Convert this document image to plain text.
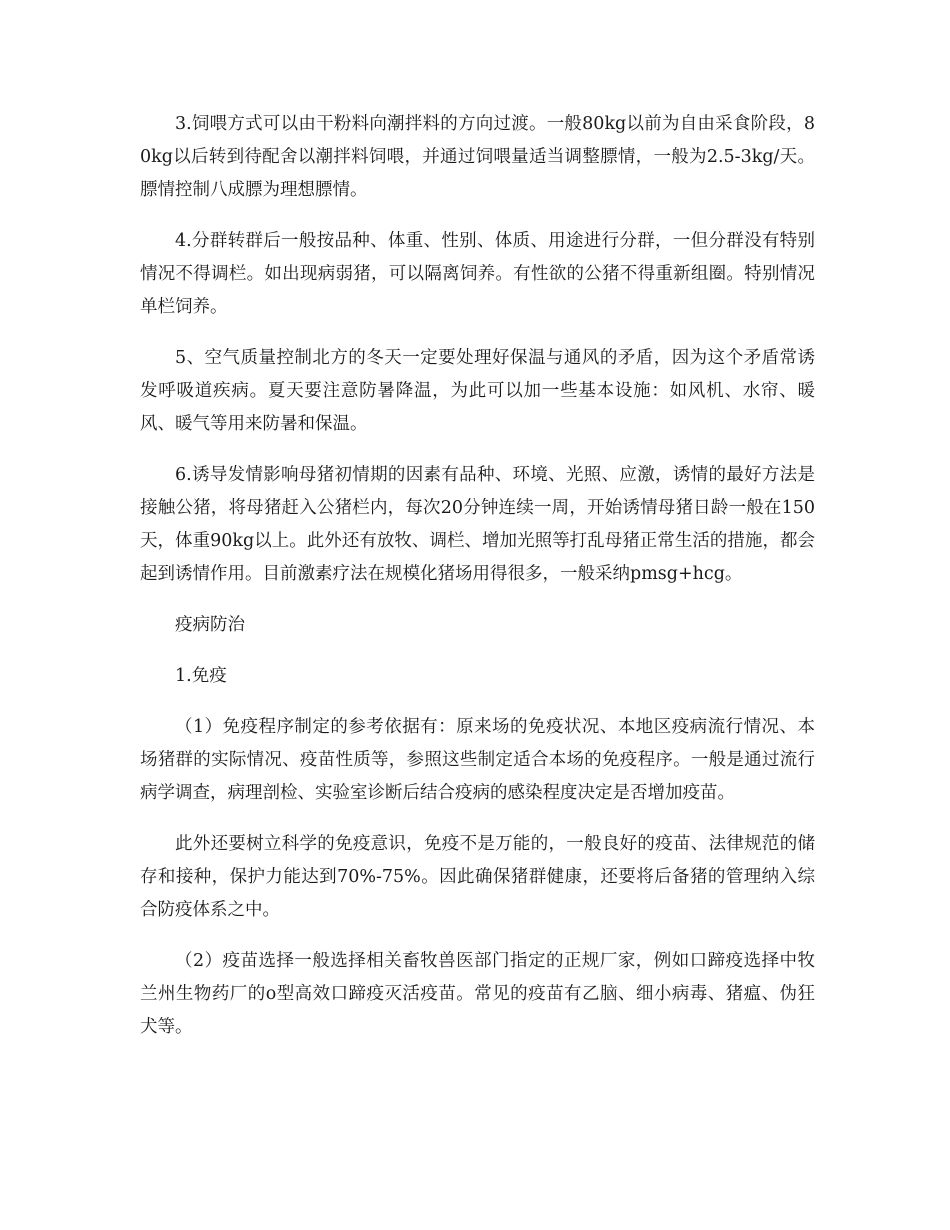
3.饲喂方式可以由干粉料向潮拌料的方向过渡。一般80kg以前为自由采食阶段，80kg以后转到待配舍以潮拌料饲喂，并通过饲喂量适当调整膘情，一般为2.5-3kg/天。膘情控制八成膘为理想膘情。

4.分群转群后一般按品种、体重、性别、体质、用途进行分群，一但分群没有特别情况不得调栏。如出现病弱猪，可以隔离饲养。有性欲的公猪不得重新组圈。特别情况单栏饲养。

5、空气质量控制北方的冬天一定要处理好保温与通风的矛盾，因为这个矛盾常诱发呼吸道疾病。夏天要注意防暑降温，为此可以加一些基本设施：如风机、水帘、暖风、暖气等用来防暑和保温。

6.诱导发情影响母猪初情期的因素有品种、环境、光照、应激，诱情的最好方法是接触公猪，将母猪赶入公猪栏内，每次20分钟连续一周，开始诱情母猪日龄一般在150天，体重90kg以上。此外还有放牧、调栏、增加光照等打乱母猪正常生活的措施，都会起到诱情作用。目前激素疗法在规模化猪场用得很多，一般采纳pmsg+hcg。

疫病防治

1.免疫

（1）免疫程序制定的参考依据有：原来场的免疫状况、本地区疫病流行情况、本场猪群的实际情况、疫苗性质等，参照这些制定适合本场的免疫程序。一般是通过流行病学调查，病理剖检、实验室诊断后结合疫病的感染程度决定是否增加疫苗。

此外还要树立科学的免疫意识，免疫不是万能的，一般良好的疫苗、法律规范的储存和接种，保护力能达到70%-75%。因此确保猪群健康，还要将后备猪的管理纳入综合防疫体系之中。

（2）疫苗选择一般选择相关畜牧兽医部门指定的正规厂家，例如口蹄疫选择中牧兰州生物药厂的o型高效口蹄疫灭活疫苗。常见的疫苗有乙脑、细小病毒、猪瘟、伪狂犬等。
